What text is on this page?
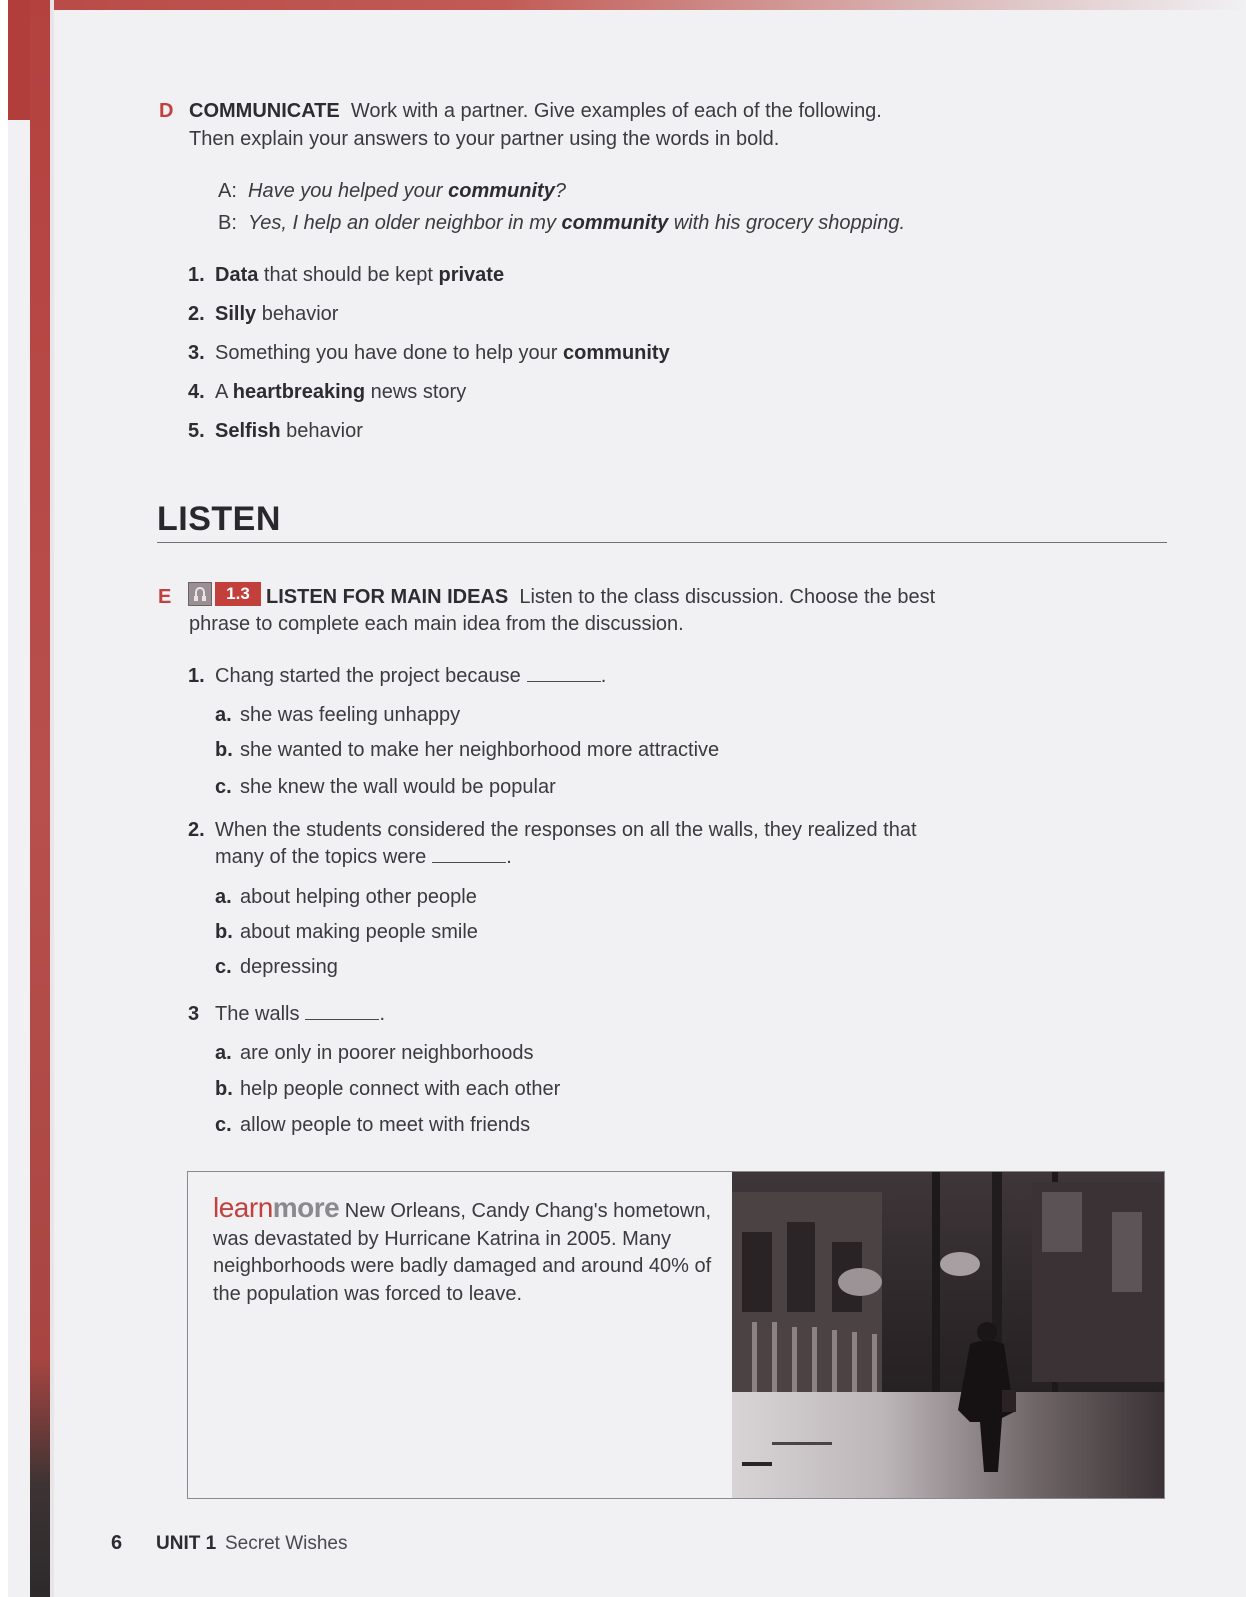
D COMMUNICATE Work with a partner. Give examples of each of the following.
Then explain your answers to your partner using the words in bold.
A: Have you helped your community?
B: Yes, I help an older neighbor in my community with his grocery shopping.
1. Data that should be kept private
2. Silly behavior
3. Something you have done to help your community
4. A heartbreaking news story
5. Selfish behavior
LISTEN
E	1.3 LISTEN FOR MAIN IDEAS Listen to the class discussion. Choose the best
phrase to complete each main idea from the discussion.
1. Chang started the project because	.
a. she was feeling unhappy
b. she wanted to make her neighborhood more attractive
c. she knew the wall would be popular
2. When the students considered the responses on all the walls, they realized that
many of the topics were	.
a. about helping other people
b. about making people smile
c. depressing
3 The walls	.
a. are only in poorer neighborhoods
b. help people connect with each other
c. allow people to meet with friends
learnmore New Orleans, Candy Chang's hometown, was devastated by Hurricane Katrina in 2005. Many neighborhoods were badly damaged and around 40% of the population was forced to leave.
6 UNIT 1 Secret Wishes
